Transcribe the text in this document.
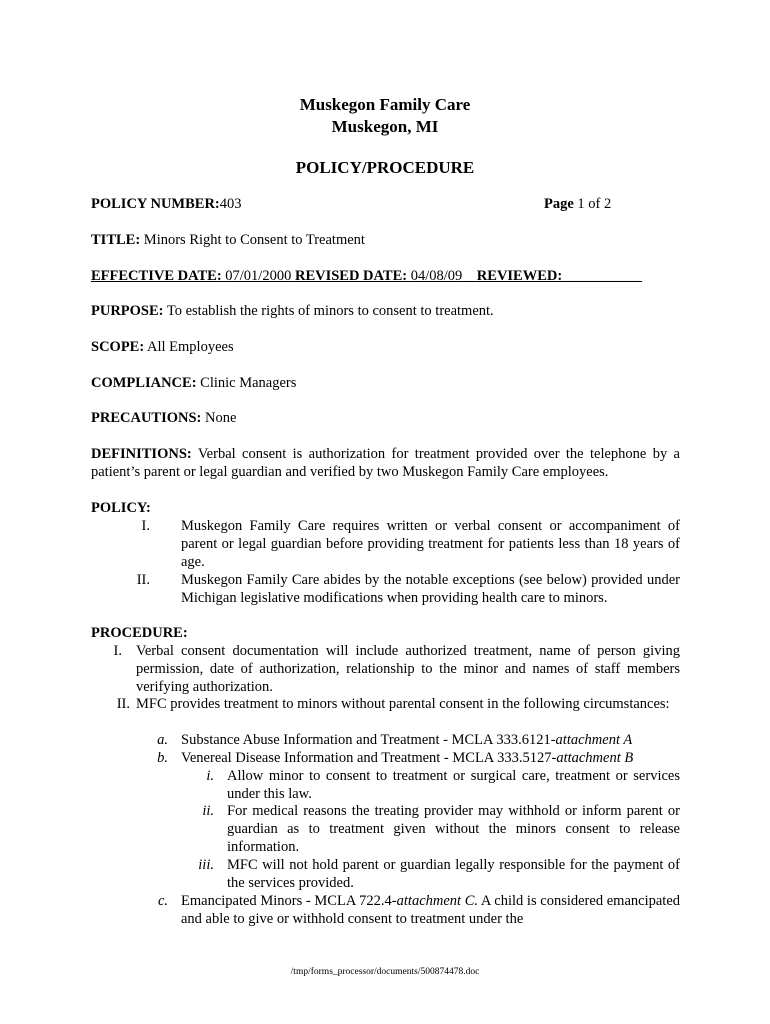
Muskegon Family Care
Muskegon, MI
POLICY/PROCEDURE
POLICY NUMBER:403	Page 1 of 2
TITLE: Minors Right to Consent to Treatment
EFFECTIVE DATE: 07/01/2000 REVISED DATE: 04/08/09 REVIEWED:___________
PURPOSE: To establish the rights of minors to consent to treatment.
SCOPE: All Employees
COMPLIANCE: Clinic Managers
PRECAUTIONS: None
DEFINITIONS: Verbal consent is authorization for treatment provided over the telephone by a patient’s parent or legal guardian and verified by two Muskegon Family Care employees.
POLICY:
I. Muskegon Family Care requires written or verbal consent or accompaniment of parent or legal guardian before providing treatment for patients less than 18 years of age.
II. Muskegon Family Care abides by the notable exceptions (see below) provided under Michigan legislative modifications when providing health care to minors.
PROCEDURE:
I. Verbal consent documentation will include authorized treatment, name of person giving permission, date of authorization, relationship to the minor and names of staff members verifying authorization.
II. MFC provides treatment to minors without parental consent in the following circumstances:
a. Substance Abuse Information and Treatment - MCLA 333.6121-attachment A
b. Venereal Disease Information and Treatment - MCLA 333.5127-attachment B
i. Allow minor to consent to treatment or surgical care, treatment or services under this law.
ii. For medical reasons the treating provider may withhold or inform parent or guardian as to treatment given without the minors consent to release information.
iii. MFC will not hold parent or guardian legally responsible for the payment of the services provided.
c. Emancipated Minors - MCLA 722.4-attachment C. A child is considered emancipated and able to give or withhold consent to treatment under the
/tmp/forms_processor/documents/500874478.doc
